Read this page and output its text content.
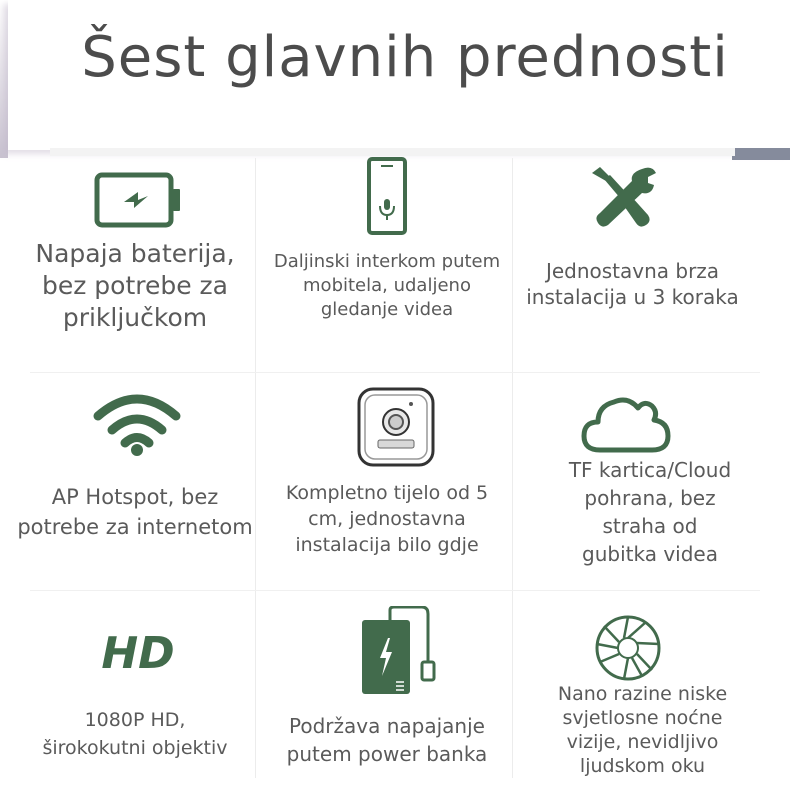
Šest glavnih prednosti
Napaja baterija,
bez potrebe za
priključkom
Daljinski interkom putem
mobitela, udaljeno
gledanje videa
Jednostavna brza
instalacija u 3 koraka
AP Hotspot, bez
potrebe za internetom
Kompletno tijelo od 5
cm, jednostavna
instalacija bilo gdje
TF kartica/Cloud
pohrana, bez
straha od
gubitka videa
HD
1080P HD,
širokokutni objektiv
Podržava napajanje
putem power banka
Nano razine niske
svjetlosne noćne
vizije, nevidljivo
ljudskom oku
